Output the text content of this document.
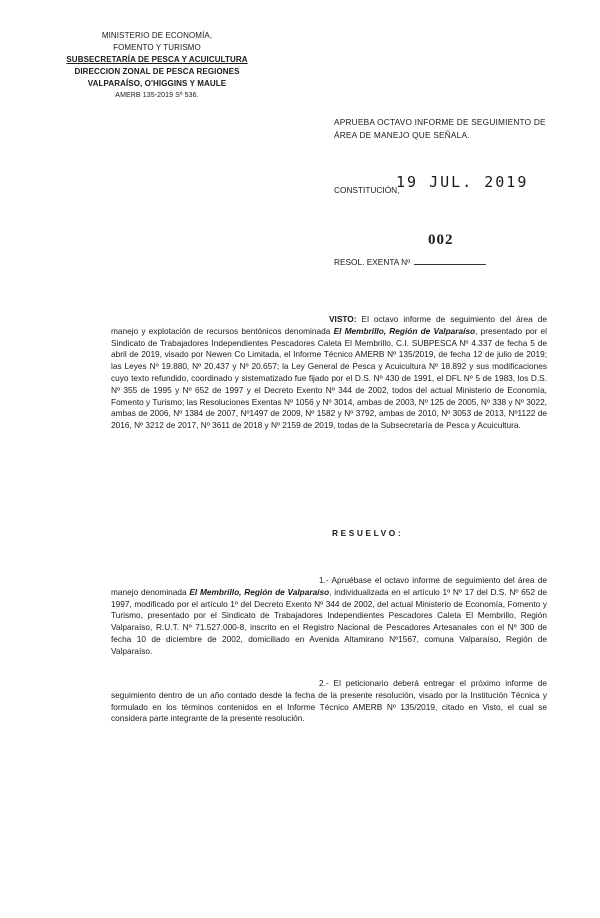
MINISTERIO DE ECONOMÍA,
FOMENTO Y TURISMO
SUBSECRETARÍA DE PESCA Y ACUICULTURA
DIRECCION ZONAL DE PESCA REGIONES
VALPARAÍSO, O'HIGGINS Y MAULE
AMERB 135-2019 Sª 536.
APRUEBA OCTAVO INFORME DE SEGUIMIENTO DE
ÁREA DE MANEJO QUE SEÑALA.
CONSTITUCIÓN,
19 JUL. 2019
002
RESOL. EXENTA Nº

VISTO: El octavo informe de seguimiento del área de manejo y explotación de recursos bentónicos denominada El Membrillo, Región de Valparaíso, presentado por el Sindicato de Trabajadores Independientes Pescadores Caleta El Membrillo, C.I. SUBPESCA Nº 4.337 de fecha 5 de abril de 2019, visado por Newen Co Limitada, el Informe Técnico AMERB Nº 135/2019, de fecha 12 de julio de 2019; las Leyes Nº 19.880, Nº 20.437 y Nº 20.657; la Ley General de Pesca y Acuicultura Nº 18.892 y sus modificaciones cuyo texto refundido, coordinado y sistematizado fue fijado por el D.S. Nº 430 de 1991, el DFL Nº 5 de 1983, los D.S. Nº 355 de 1995 y Nº 652 de 1997 y el Decreto Exento Nº 344 de 2002, todos del actual Ministerio de Economía, Fomento y Turismo; las Resoluciones Exentas Nº 1056 y Nº 3014, ambas de 2003, Nº 125 de 2005, Nº 338 y Nº 3022, ambas de 2006, Nº 1384 de 2007, Nº1497 de 2009, Nº 1582 y Nº 3792, ambas de 2010, Nº 3053 de 2013, Nº1122 de 2016, Nº 3212 de 2017, Nº 3611 de 2018 y Nº 2159 de 2019, todas de la Subsecretaría de Pesca y Acuicultura.

RESUELVO:

1.- Apruébase el octavo informe de seguimiento del área de manejo denominada El Membrillo, Región de Valparaíso, individualizada en el artículo 1º Nº 17 del D.S. Nº 652 de 1997, modificado por el artículo 1º del Decreto Exento Nº 344 de 2002, del actual Ministerio de Economía, Fomento y Turismo, presentado por el Sindicato de Trabajadores Independientes Pescadores Caleta El Membrillo, Región Valparaíso, R.U.T. Nº 71.527.000-8, inscrito en el Registro Nacional de Pescadores Artesanales con el Nº 300 de fecha 10 de diciembre de 2002, domiciliado en Avenida Altamirano Nº1567, comuna Valparaíso, Región de Valparaíso.

2.- El peticionario deberá entregar el próximo informe de seguimiento dentro de un año contado desde la fecha de la presente resolución, visado por la Institución Técnica y formulado en los términos contenidos en el Informe Técnico AMERB Nº 135/2019, citado en Visto, el cual se considera parte integrante de la presente resolución.
